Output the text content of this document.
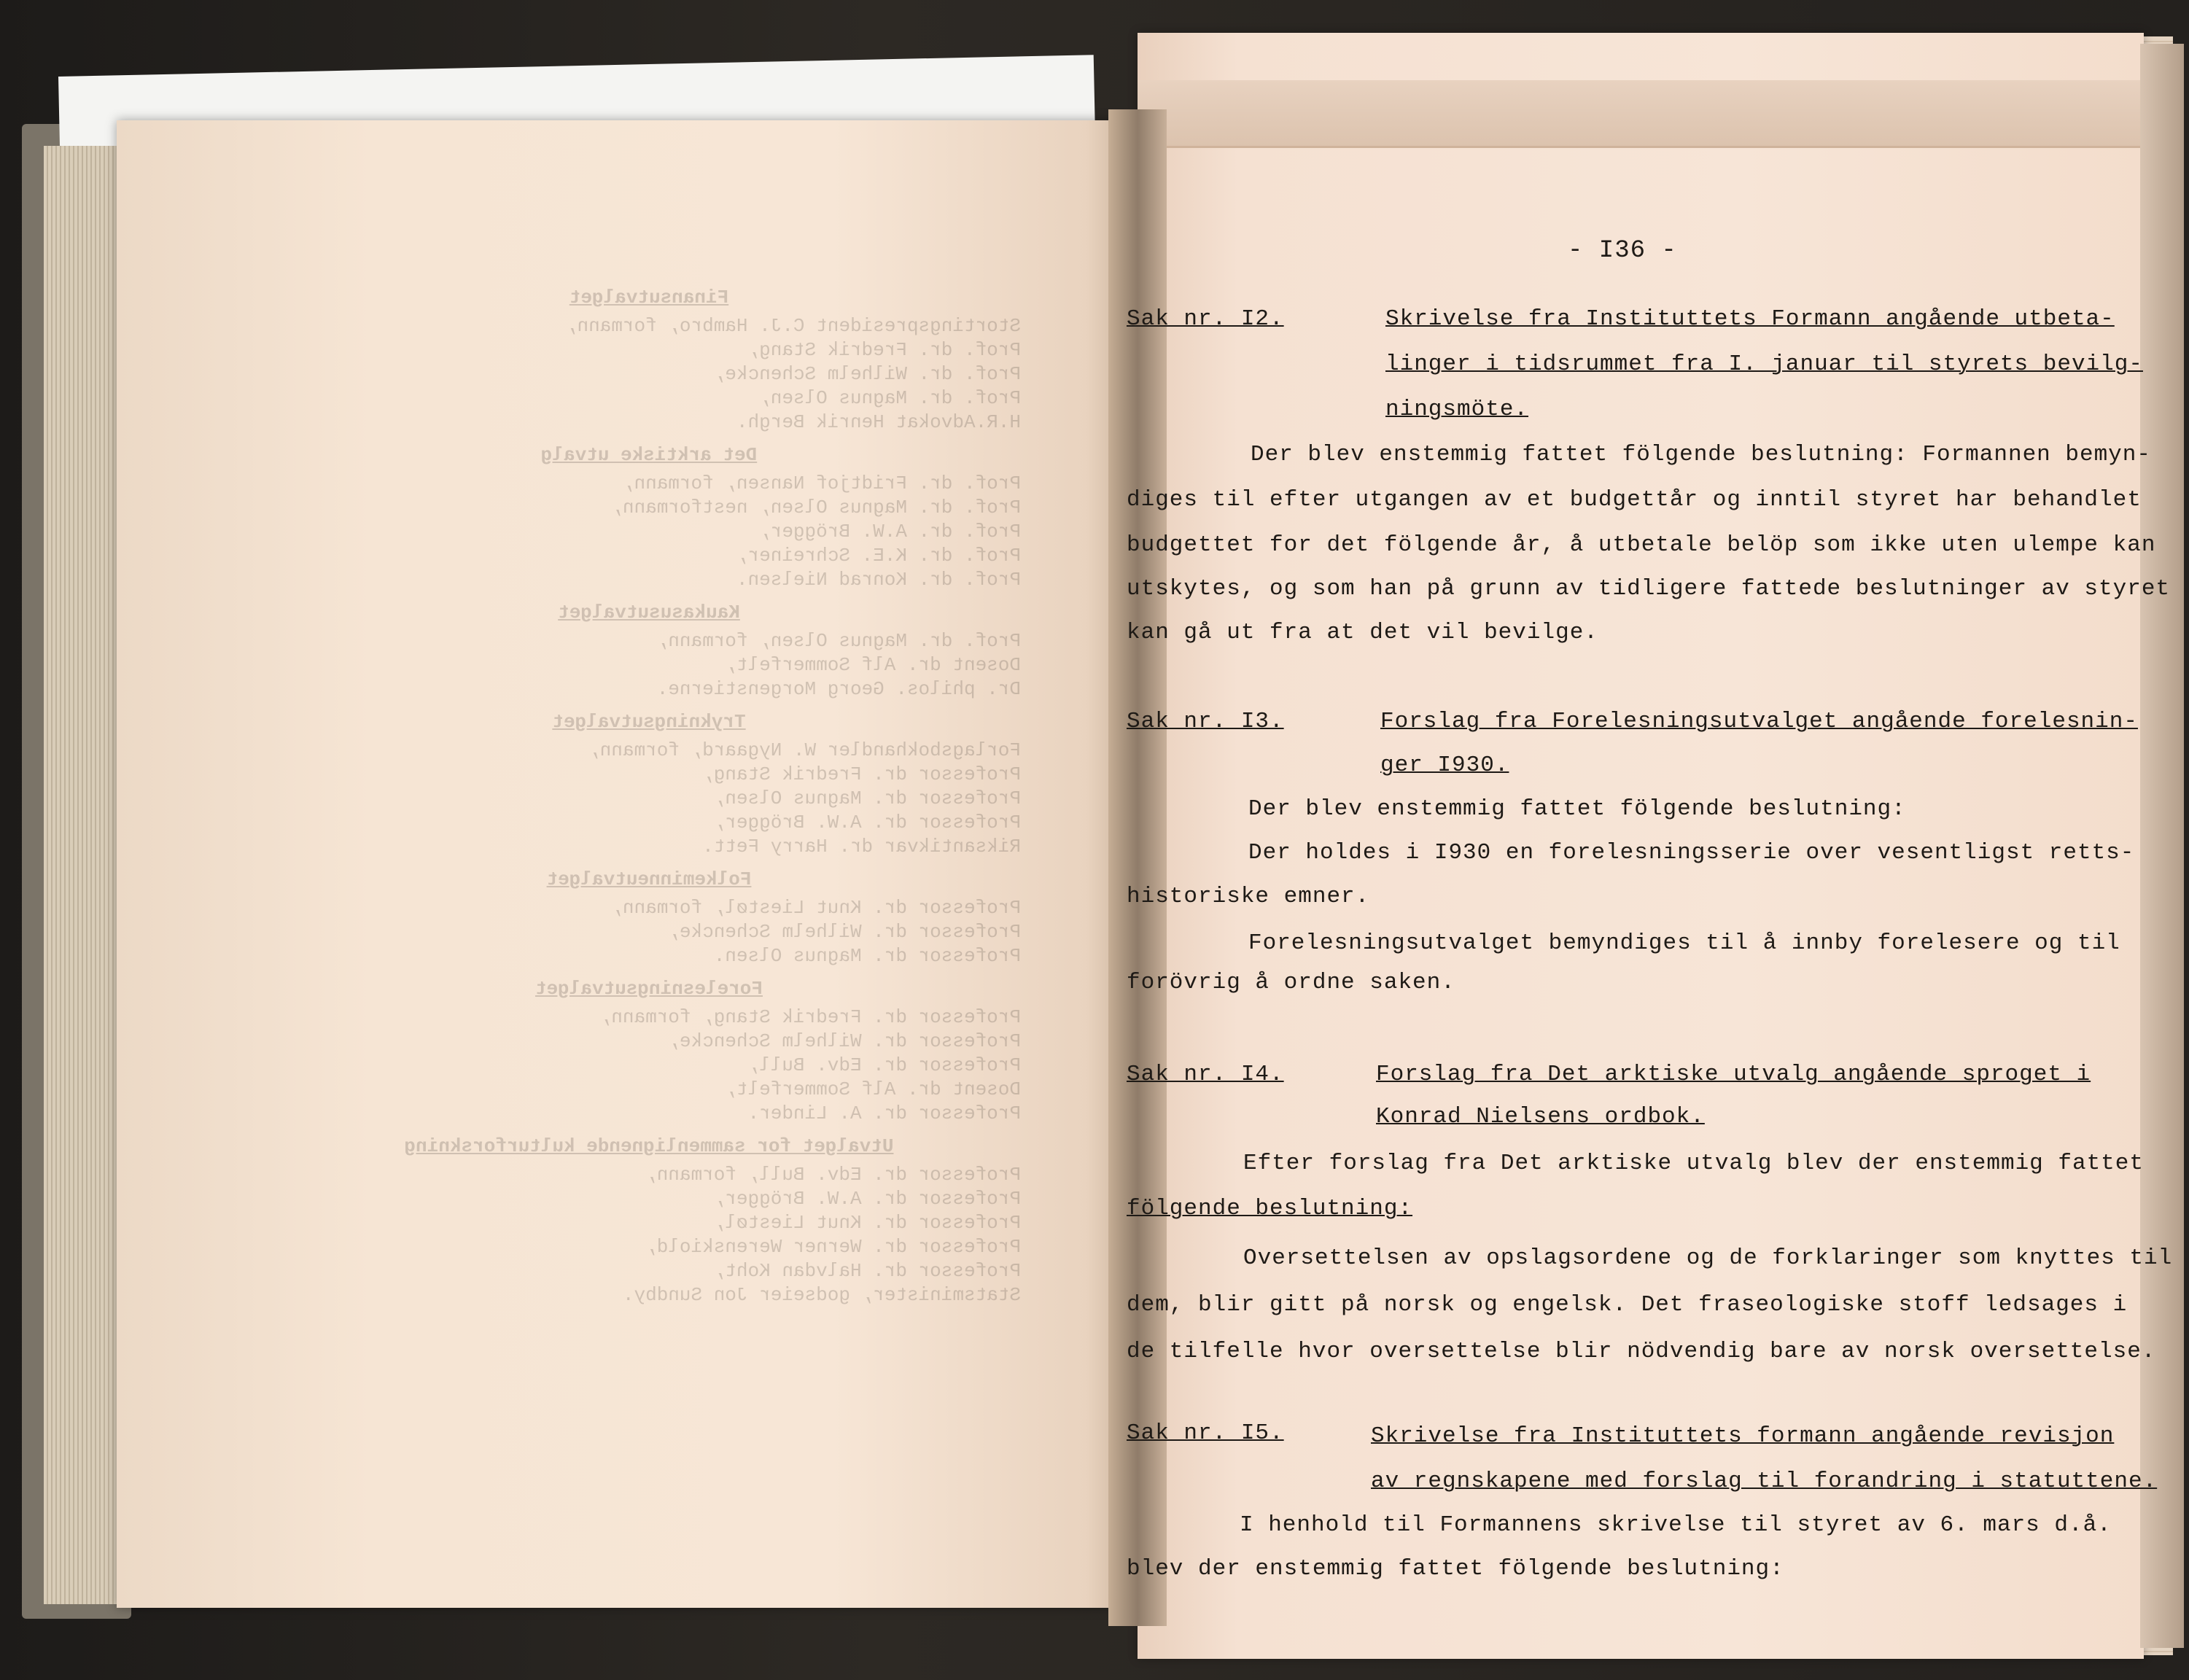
Finansutvalget
Stortingspresident C.J. Hambro, formann,
Prof. dr. Fredrik Stang,
Prof. dr. Wilhelm Schencke,
Prof. dr. Magnus Olsen,
H.R.Advokat Henrik Bergh.
Det arktiske utvalg
Prof. dr. Fridtjof Nansen, formann,
Prof. dr. Magnus Olsen, nestformann,
Prof. dr. A.W. Brögger,
Prof. dr. K.E. Schreiner,
Prof. dr. Konrad Nielsen.
Kaukasusutvalget
Prof. dr. Magnus Olsen, formann,
Dosent dr. Alf Sommerfelt,
Dr. philos. Georg Morgenstierne.
Trykningsutvalget
Forlagsbokhandler W. Nygaard, formann,
Professor dr. Fredrik Stang,
Professor dr. Magnus Olsen,
Professor dr. A.W. Brögger,
Riksantikvar dr. Harry Fett.
Folkeminneutvalget
Professor dr. Knut Liestøl, formann,
Professor dr. Wilhelm Schencke,
Professor dr. Magnus Olsen.
Forelesningsutvalget
Professor dr. Fredrik Stang, formann,
Professor dr. Wilhelm Schencke,
Professor dr. Edv. Bull,
Dosent dr. Alf Sommerfelt,
Professor dr. A. Linder.
Utvalget for sammenlignende kulturforskning
Professor dr. Edv. Bull, formann,
Professor dr. A.W. Brögger,
Professor dr. Knut Liestøl,
Professor dr. Werner Werenskiold,
Professor dr. Halvdan Koht,
Statsminister, godseier Jon Sundby.
- I36 -
Sak nr. I2.	Skrivelse fra Instituttets Formann angående utbeta-
linger i tidsrummet fra I. januar til styrets bevilg-
ningsmöte.
Der blev enstemmig fattet fölgende beslutning: Formannen bemyn-
diges til efter utgangen av et budgettår og inntil styret har behandlet
budgettet for det fölgende år, å utbetale belöp som ikke uten ulempe kan
utskytes, og som han på grunn av tidligere fattede beslutninger av styret
kan gå ut fra at det vil bevilge.
Sak nr. I3.	Forslag fra Forelesningsutvalget angående forelesnin-
ger I930.
Der blev enstemmig fattet fölgende beslutning:
Der holdes i I930 en forelesningsserie over vesentligst retts-
historiske emner.
Forelesningsutvalget bemyndiges til å innby forelesere og til
forövrig å ordne saken.
Sak nr. I4.	Forslag fra Det arktiske utvalg angående sproget i
Konrad Nielsens ordbok.
Efter forslag fra Det arktiske utvalg blev der enstemmig fattet
fölgende beslutning:
Oversettelsen av opslagsordene og de forklaringer som knyttes til
dem, blir gitt på norsk og engelsk. Det fraseologiske stoff ledsages i
de tilfelle hvor oversettelse blir nödvendig bare av norsk oversettelse.
Sak nr. I5.	Skrivelse fra Instituttets formann angående revisjon
av regnskapene med forslag til forandring i statuttene.
I henhold til Formannens skrivelse til styret av 6. mars d.å.
blev der enstemmig fattet fölgende beslutning:
